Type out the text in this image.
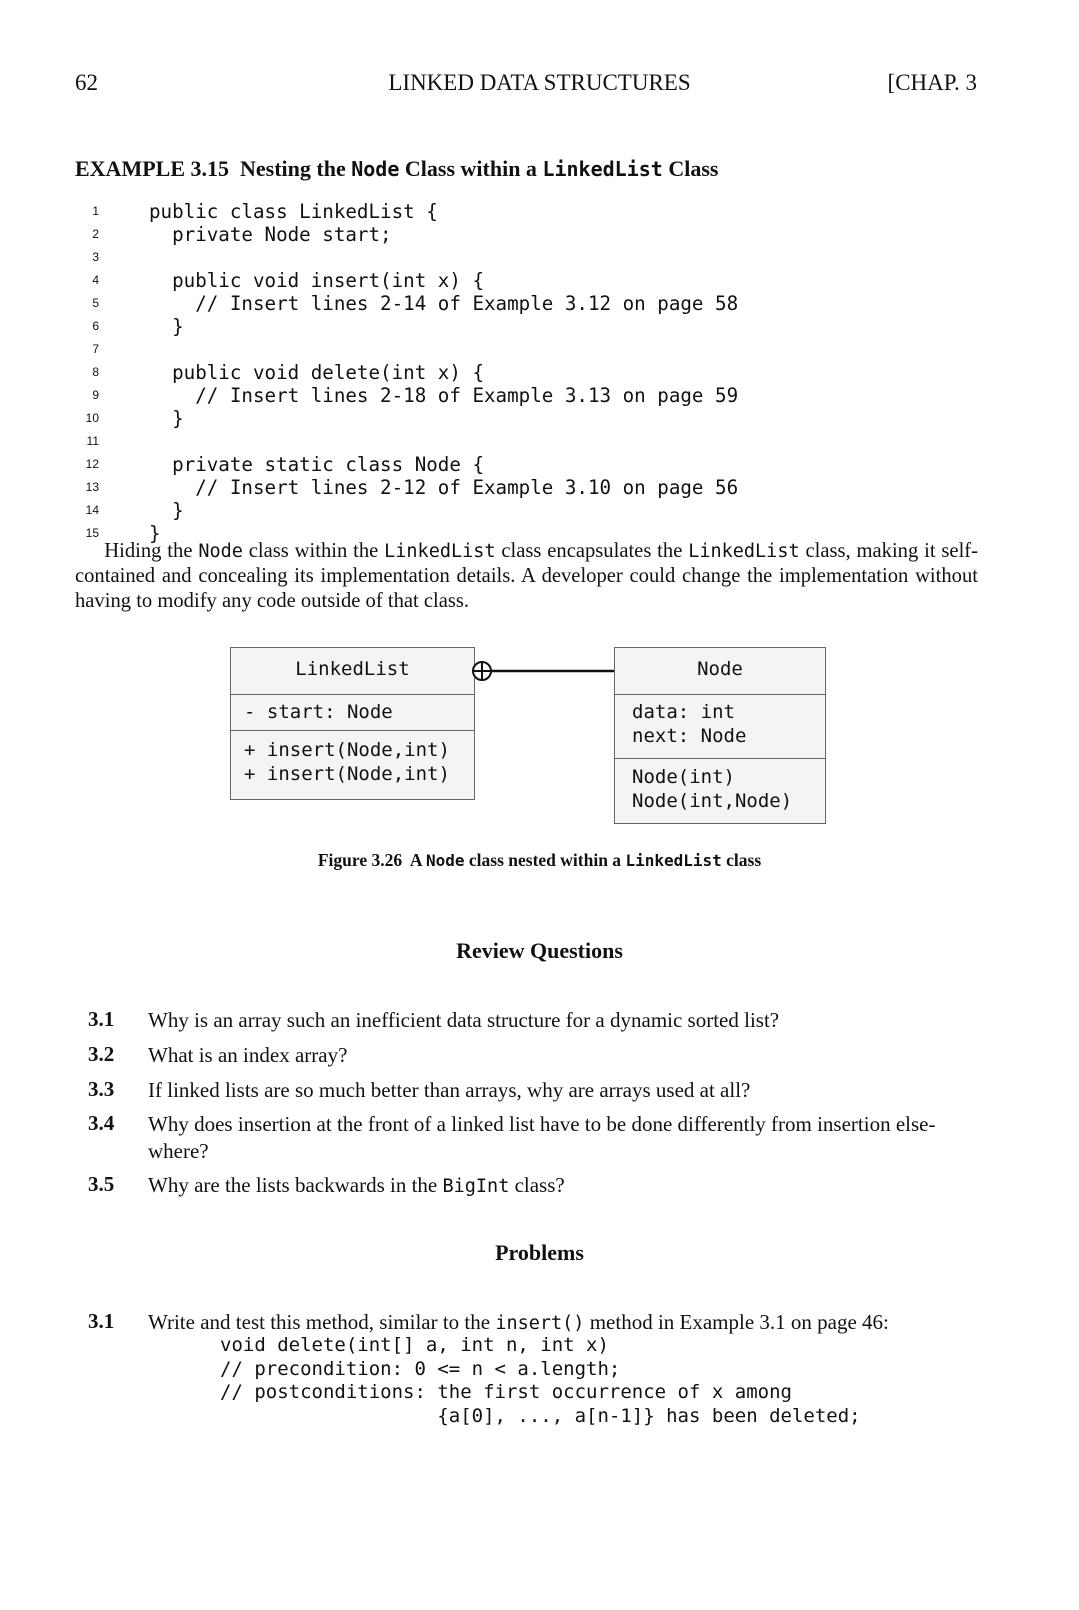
62	LINKED DATA STRUCTURES	[CHAP. 3
EXAMPLE 3.15 Nesting the Node Class within a LinkedList Class
1	public class LinkedList {
2	private Node start;
3
4	public void insert(int x) {
5	// Insert lines 2-14 of Example 3.12 on page 58
6	}
7
8	public void delete(int x) {
9	// Insert lines 2-18 of Example 3.13 on page 59
10	}
11
12	private static class Node {
13	// Insert lines 2-12 of Example 3.10 on page 56
14	}
15	}
Hiding the Node class within the LinkedList class encapsulates the LinkedList class, making it self-contained and concealing its implementation details. A developer could change the implementation without having to modify any code outside of that class.
LinkedList
- start: Node
+ insert(Node,int)
+ insert(Node,int)
Node
data: int
next: Node
Node(int)
Node(int,Node)
Figure 3.26 A Node class nested within a LinkedList class
Review Questions
3.1 Why is an array such an inefficient data structure for a dynamic sorted list?
3.2 What is an index array?
3.3 If linked lists are so much better than arrays, why are arrays used at all?
3.4 Why does insertion at the front of a linked list have to be done differently from insertion else-where?
3.5 Why are the lists backwards in the BigInt class?
Problems
3.1 Write and test this method, similar to the insert() method in Example 3.1 on page 46:
void delete(int[] a, int n, int x)
// precondition: 0 <= n < a.length;
// postconditions: the first occurrence of x among
{a[0], ..., a[n-1]} has been deleted;
